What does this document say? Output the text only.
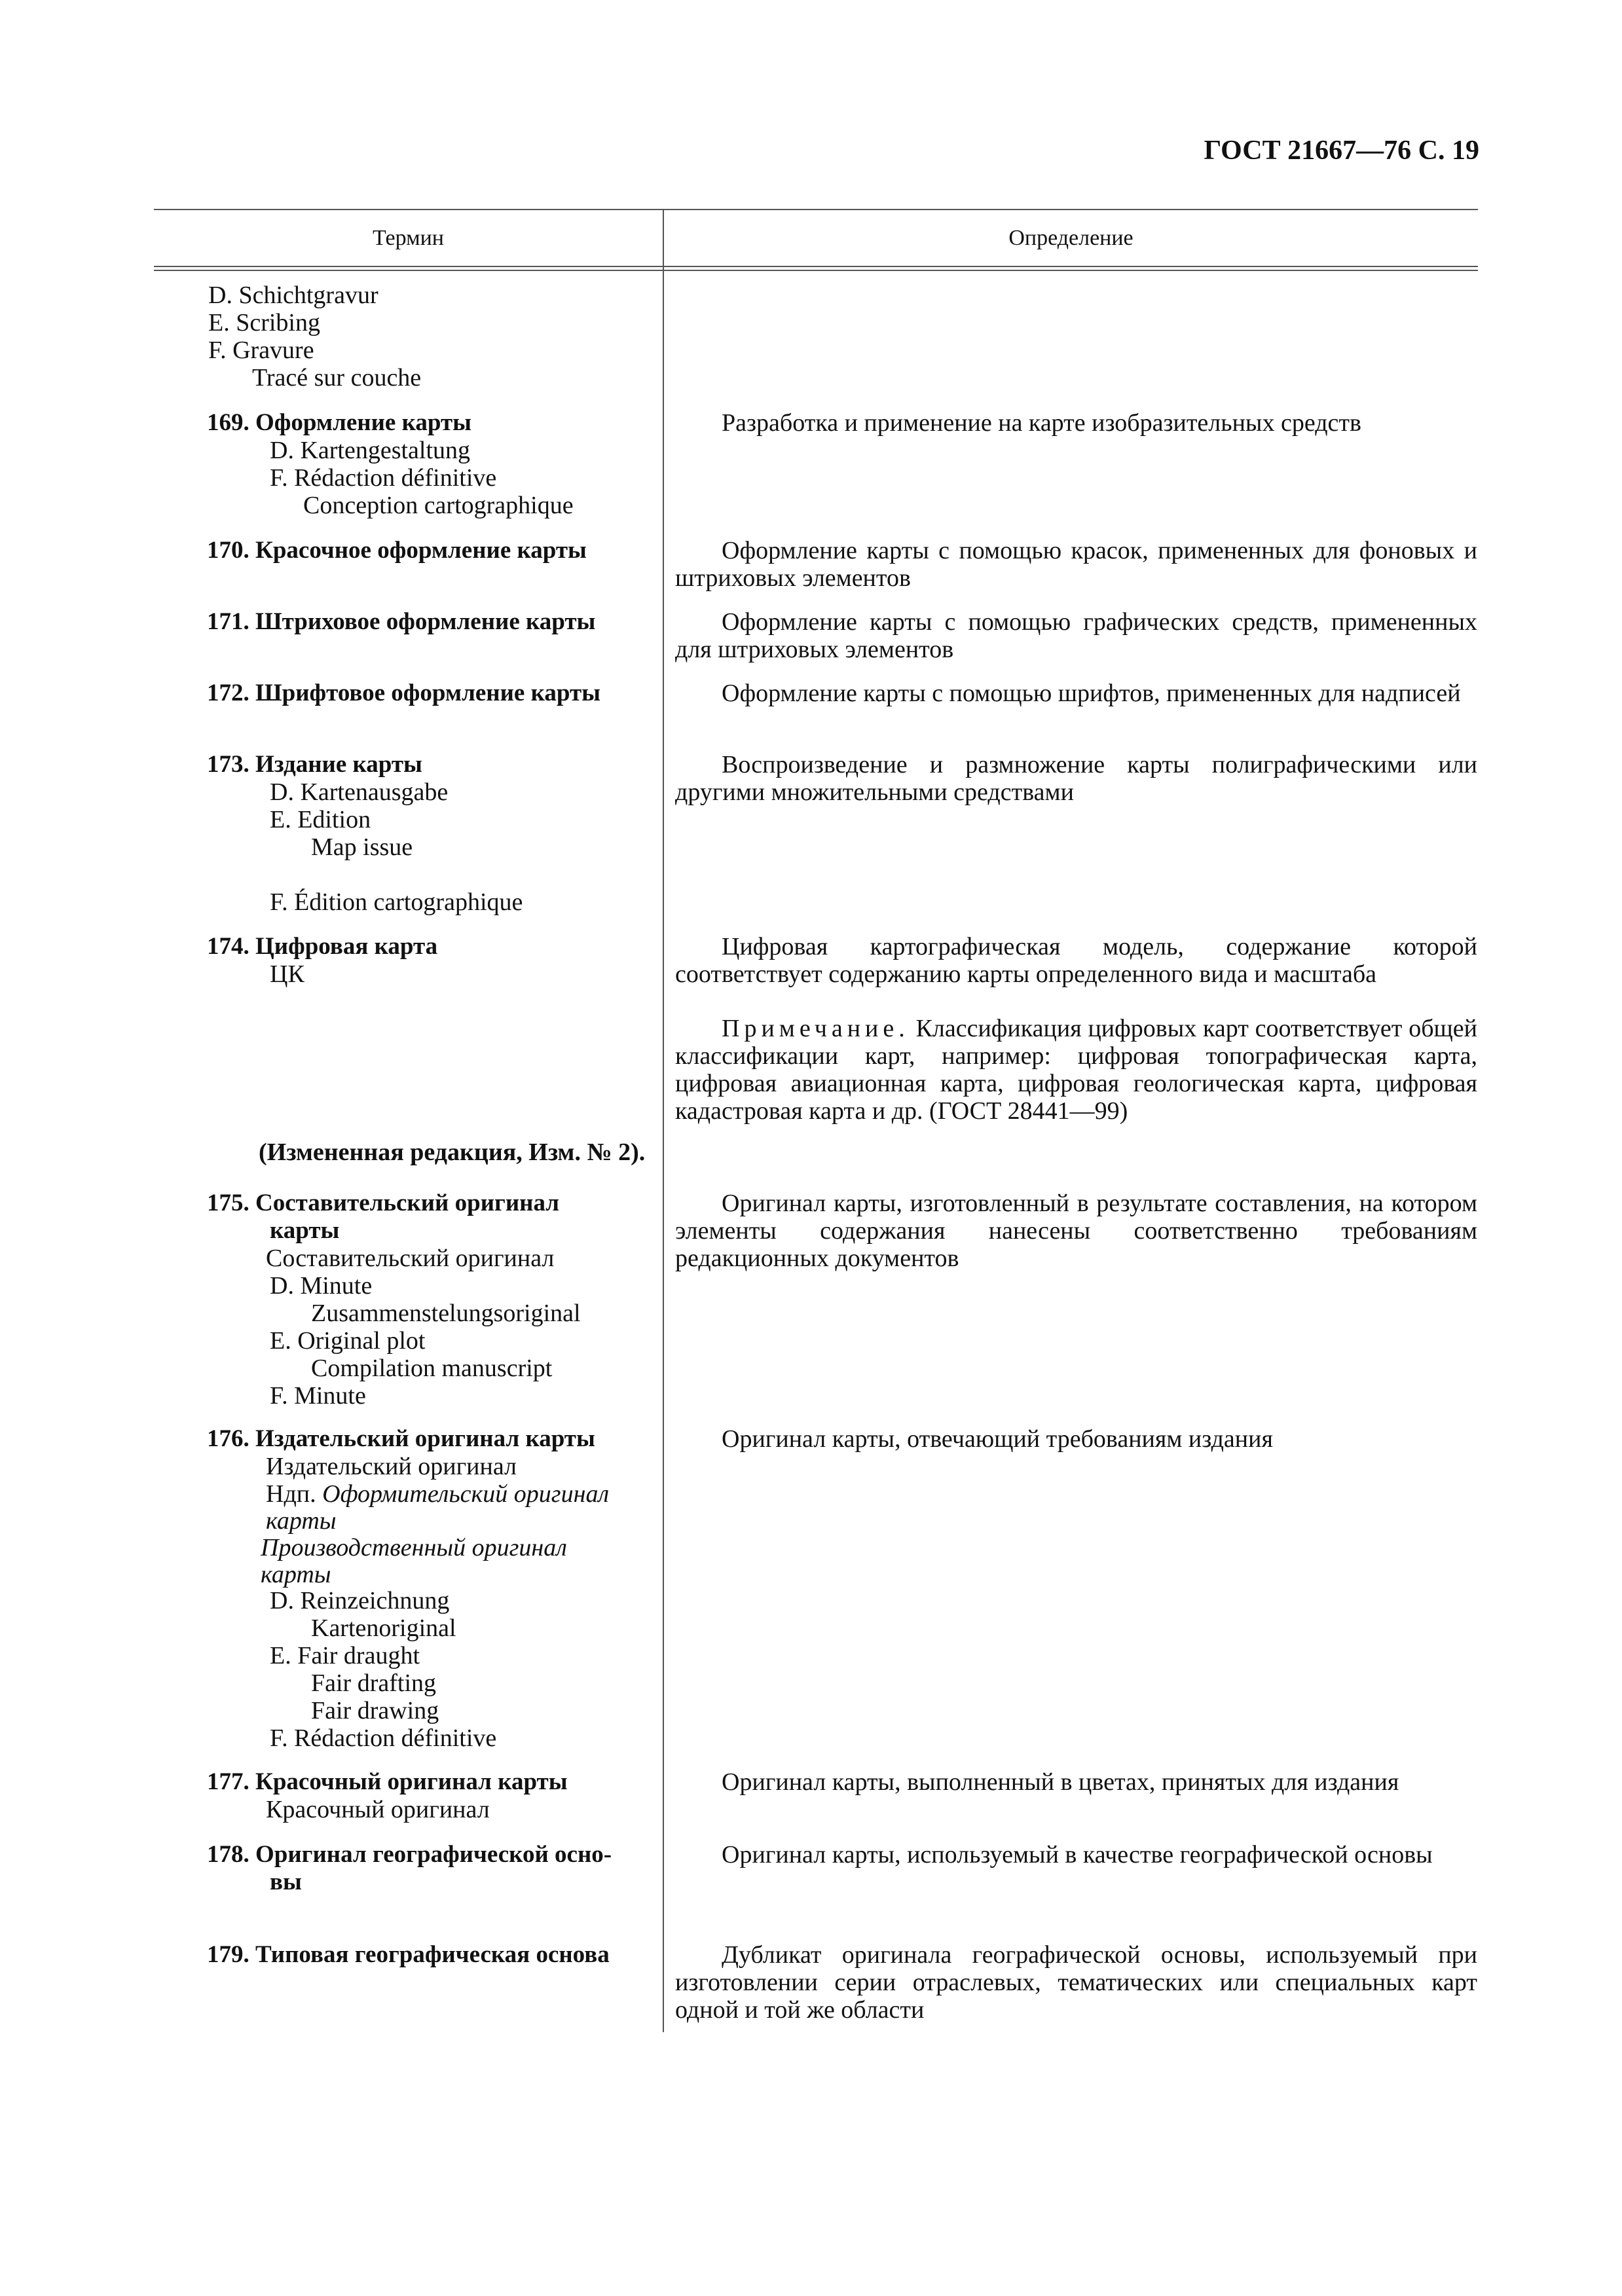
ГОСТ 21667—76 С. 19
Термин	Определение
D. Schichtgravur
E. Scribing
F. Gravure
Tracé sur couche
169. Оформление карты
D. Kartengestaltung
F. Rédaction définitive
Conception cartographique
170. Красочное оформление карты
171. Штриховое оформление карты
172. Шрифтовое оформление карты
173. Издание карты
D. Kartenausgabe
E. Edition
Map issue
F. Édition cartographique
174. Цифровая карта
ЦК
175. Составительский оригинал
карты
Составительский оригинал
D. Minute
Zusammenstelungsoriginal
E. Original plot
Compilation manuscript
F. Minute
176. Издательский оригинал карты
Издательский оригинал
Ндп. Оформительский оригинал
карты
Производственный оригинал
карты
D. Reinzeichnung
Kartenoriginal
E. Fair draught
Fair drafting
Fair drawing
F. Rédaction définitive
177. Красочный оригинал карты
Красочный оригинал
178. Оригинал географической осно-
вы
179. Типовая географическая основа
Разработка и применение на карте изобразительных средств
Оформление карты с помощью красок, примененных для фоновых и штриховых элементов
Оформление карты с помощью графических средств, примененных для штриховых элементов
Оформление карты с помощью шрифтов, примененных для надписей
Воспроизведение и размножение карты полиграфическими или другими множительными средствами
Цифровая картографическая модель, содержание которой соответствует содержанию карты определенного вида и масштаба
Примечание. Классификация цифровых карт соответствует общей классификации карт, например: цифровая топографическая карта, цифровая авиационная карта, цифровая геологическая карта, цифровая кадастровая карта и др. (ГОСТ 28441—99)
Оригинал карты, изготовленный в результате составления, на котором элементы содержания нанесены соответственно требованиям редакционных документов
Оригинал карты, отвечающий требованиям издания
Оригинал карты, выполненный в цветах, принятых для издания
Оригинал карты, используемый в качестве географической основы
Дубликат оригинала географической основы, используемый при изготовлении серии отраслевых, тематических или специальных карт одной и той же области
(Измененная редакция, Изм. № 2).
